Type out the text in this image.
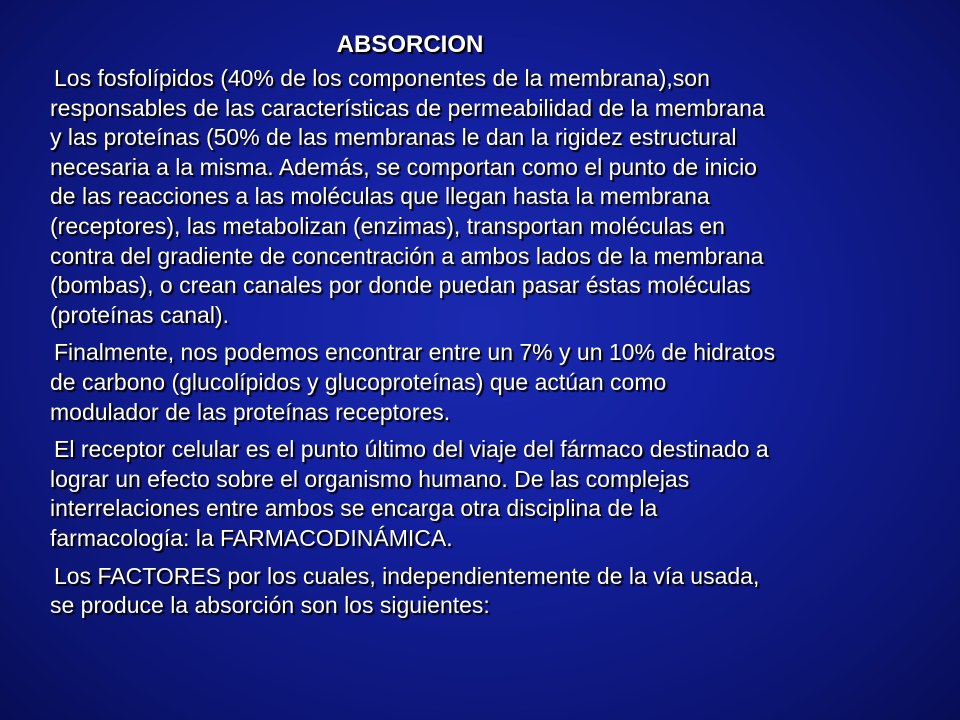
ABSORCION
Los fosfolípidos (40% de los componentes de la membrana),son
responsables de las características de permeabilidad de la membrana
y las proteínas (50% de las membranas le dan la rigidez estructural
necesaria a la misma. Además, se comportan como el punto de inicio
de las reacciones a las moléculas que llegan hasta la membrana
(receptores), las metabolizan (enzimas), transportan moléculas en
contra del gradiente de concentración a ambos lados de la membrana
(bombas), o crean canales por donde puedan pasar éstas moléculas
(proteínas canal).
Finalmente, nos podemos encontrar entre un 7% y un 10% de hidratos
de carbono (glucolípidos y glucoproteínas) que actúan como
modulador de las proteínas receptores.
El receptor celular es el punto último del viaje del fármaco destinado a
lograr un efecto sobre el organismo humano. De las complejas
interrelaciones entre ambos se encarga otra disciplina de la
farmacología: la FARMACODINÁMICA.
Los FACTORES por los cuales, independientemente de la vía usada,
se produce la absorción son los siguientes:
